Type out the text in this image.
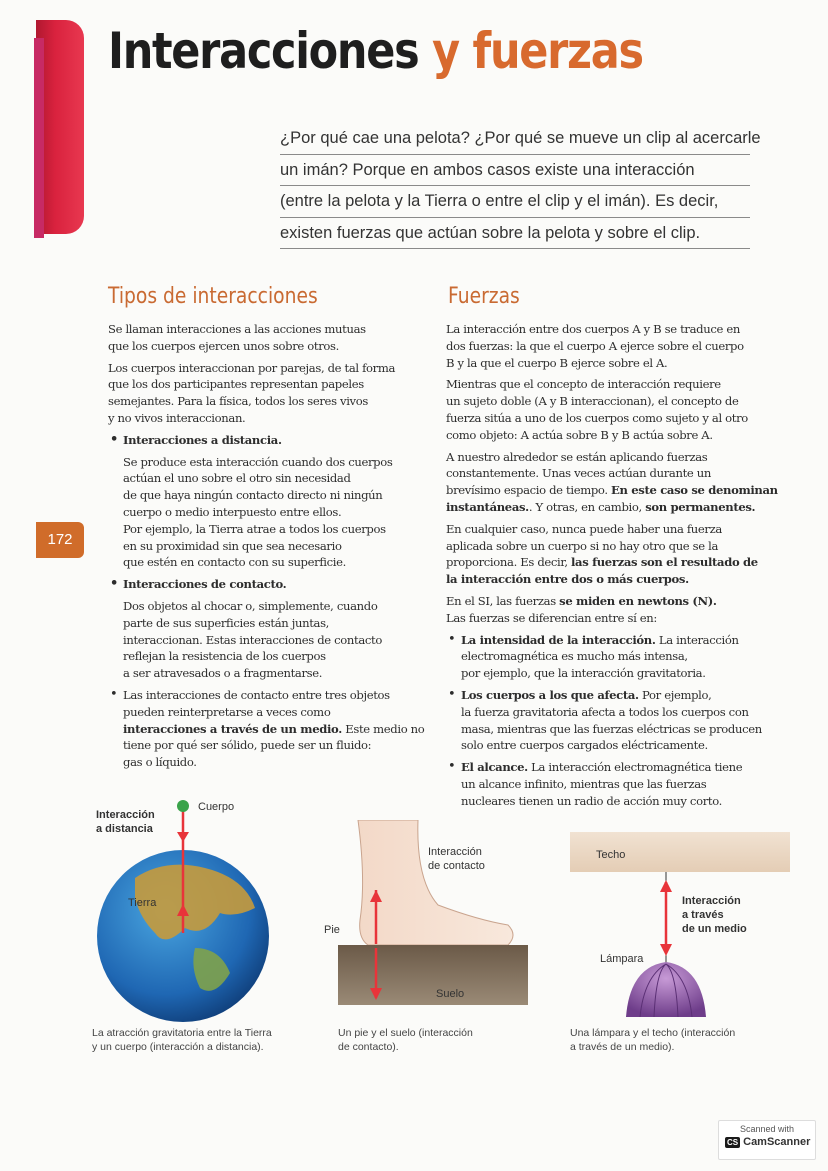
Interacciones y fuerzas
¿Por qué cae una pelota? ¿Por qué se mueve un clip al acercarle
un imán? Porque en ambos casos existe una interacción
(entre la pelota y la Tierra o entre el clip y el imán). Es decir,
existen fuerzas que actúan sobre la pelota y sobre el clip.
Tipos de interacciones

Se llaman interacciones a las acciones mutuas
que los cuerpos ejercen unos sobre otros.

Los cuerpos interaccionan por parejas, de tal forma
que los dos participantes representan papeles
semejantes. Para la física, todos los seres vivos
y no vivos interaccionan.

• Interacciones a distancia.
Se produce esta interacción cuando dos cuerpos
actúan el uno sobre el otro sin necesidad
de que haya ningún contacto directo ni ningún
cuerpo o medio interpuesto entre ellos.
Por ejemplo, la Tierra atrae a todos los cuerpos
en su proximidad sin que sea necesario
que estén en contacto con su superficie.
• Interacciones de contacto.
Dos objetos al chocar o, simplemente, cuando
parte de sus superficies están juntas,
interaccionan. Estas interacciones de contacto
reflejan la resistencia de los cuerpos
a ser atravesados o a fragmentarse.
• Las interacciones de contacto entre tres objetos
pueden reinterpretarse a veces como
interacciones a través de un medio. Este medio no
tiene por qué ser sólido, puede ser un fluido:
gas o líquido.
Fuerzas

La interacción entre dos cuerpos A y B se traduce en
dos fuerzas: la que el cuerpo A ejerce sobre el cuerpo
B y la que el cuerpo B ejerce sobre el A.

Mientras que el concepto de interacción requiere
un sujeto doble (A y B interaccionan), el concepto de
fuerza sitúa a uno de los cuerpos como sujeto y al otro
como objeto: A actúa sobre B y B actúa sobre A.

A nuestro alrededor se están aplicando fuerzas
constantemente. Unas veces actúan durante un
brevísimo espacio de tiempo. En este caso se denominan
instantáneas.. Y otras, en cambio, son permanentes.

En cualquier caso, nunca puede haber una fuerza
aplicada sobre un cuerpo si no hay otro que se la
proporciona. Es decir, las fuerzas son el resultado de
la interacción entre dos o más cuerpos.

En el SI, las fuerzas se miden en newtons (N).
Las fuerzas se diferencian entre sí en:

• La intensidad de la interacción. La interacción
electromagnética es mucho más intensa,
por ejemplo, que la interacción gravitatoria.
• Los cuerpos a los que afecta. Por ejemplo,
la fuerza gravitatoria afecta a todos los cuerpos con
masa, mientras que las fuerzas eléctricas se producen
solo entre cuerpos cargados eléctricamente.
• El alcance. La interacción electromagnética tiene
un alcance infinito, mientras que las fuerzas
nucleares tienen un radio de acción muy corto.
172
Interacción
a distancia
Cuerpo
Tierra
La atracción gravitatoria entre la Tierra
y un cuerpo (interacción a distancia).
Interacción
de contacto
Pie
Suelo
Un pie y el suelo (interacción
de contacto).
Techo
Interacción
a través
de un medio
Lámpara
Una lámpara y el techo (interacción
a través de un medio).
Scanned with
CS CamScanner
